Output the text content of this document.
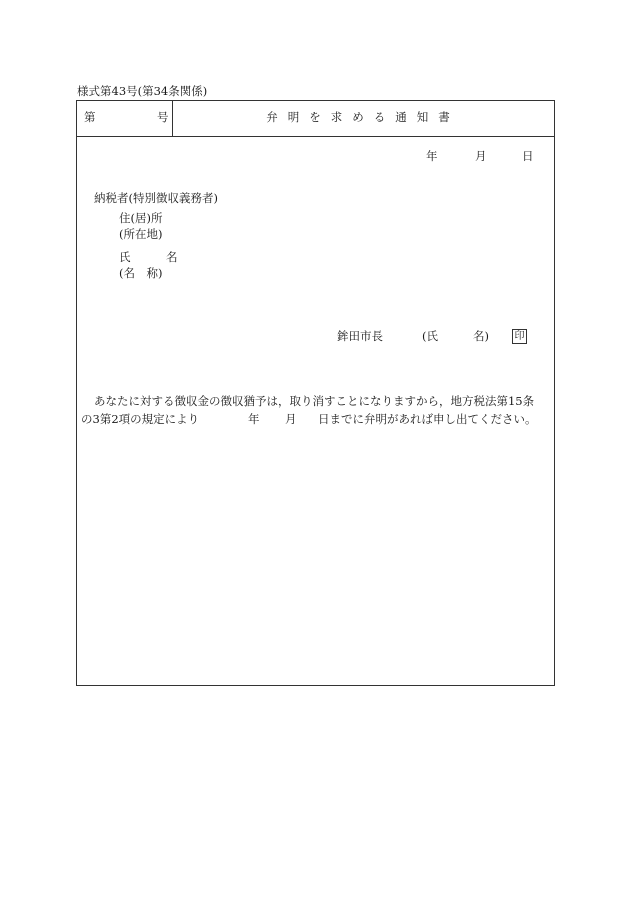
様式第43号(第34条関係)
第	号	弁明を求める通知書
年	月	日
納税者(特別徴収義務者)
住(居)所
(所在地)
氏	名
(名　称)
鉾田市長	(氏	名)	印
あなたに対する徴収金の徴収猶予は，取り消すことになりますから，地方税法第15条
の3第2項の規定により	年 月 日までに弁明があれば申し出てください。
